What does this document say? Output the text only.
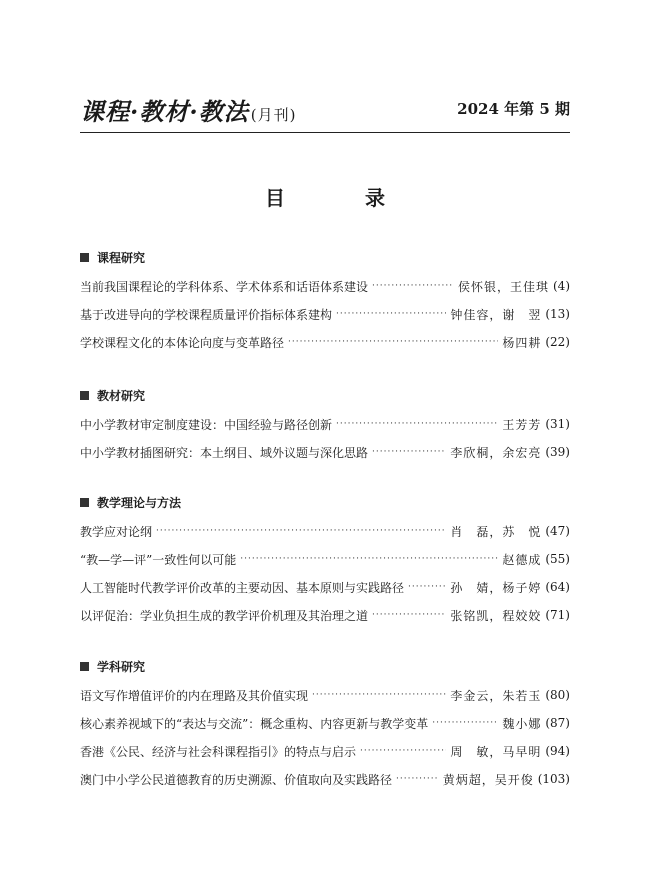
课程·教材·教法 (月刊)	2024 年第 5 期
目　录
课程研究
当前我国课程论的学科体系、学术体系和话语体系建设 ·····	侯怀银，王佳琪 (4)
基于改进导向的学校课程质量评价指标体系建构 ·····	钟佳容，谢　翌 (13)
学校课程文化的本体论向度与变革路径 ·····	杨四耕 (22)
教材研究
中小学教材审定制度建设：中国经验与路径创新 ·····	王芳芳 (31)
中小学教材插图研究：本土纲目、域外议题与深化思路 ·····	李欣桐，余宏亮 (39)
教学理论与方法
教学应对论纲 ·····	肖　磊，苏　悦 (47)
“教—学—评”一致性何以可能 ·····	赵德成 (55)
人工智能时代教学评价改革的主要动因、基本原则与实践路径 ·····	孙　婧，杨子婷 (64)
以评促治：学业负担生成的教学评价机理及其治理之道 ·····	张铭凯，程姣姣 (71)
学科研究
语文写作增值评价的内在理路及其价值实现 ·····	李金云，朱若玉 (80)
核心素养视域下的“表达与交流”：概念重构、内容更新与教学变革 ·····	魏小娜 (87)
香港《公民、经济与社会科课程指引》的特点与启示 ·····	周　敏，马早明 (94)
澳门中小学公民道德教育的历史溯源、价值取向及实践路径 ·····	黄炳超，吴开俊 (103)
